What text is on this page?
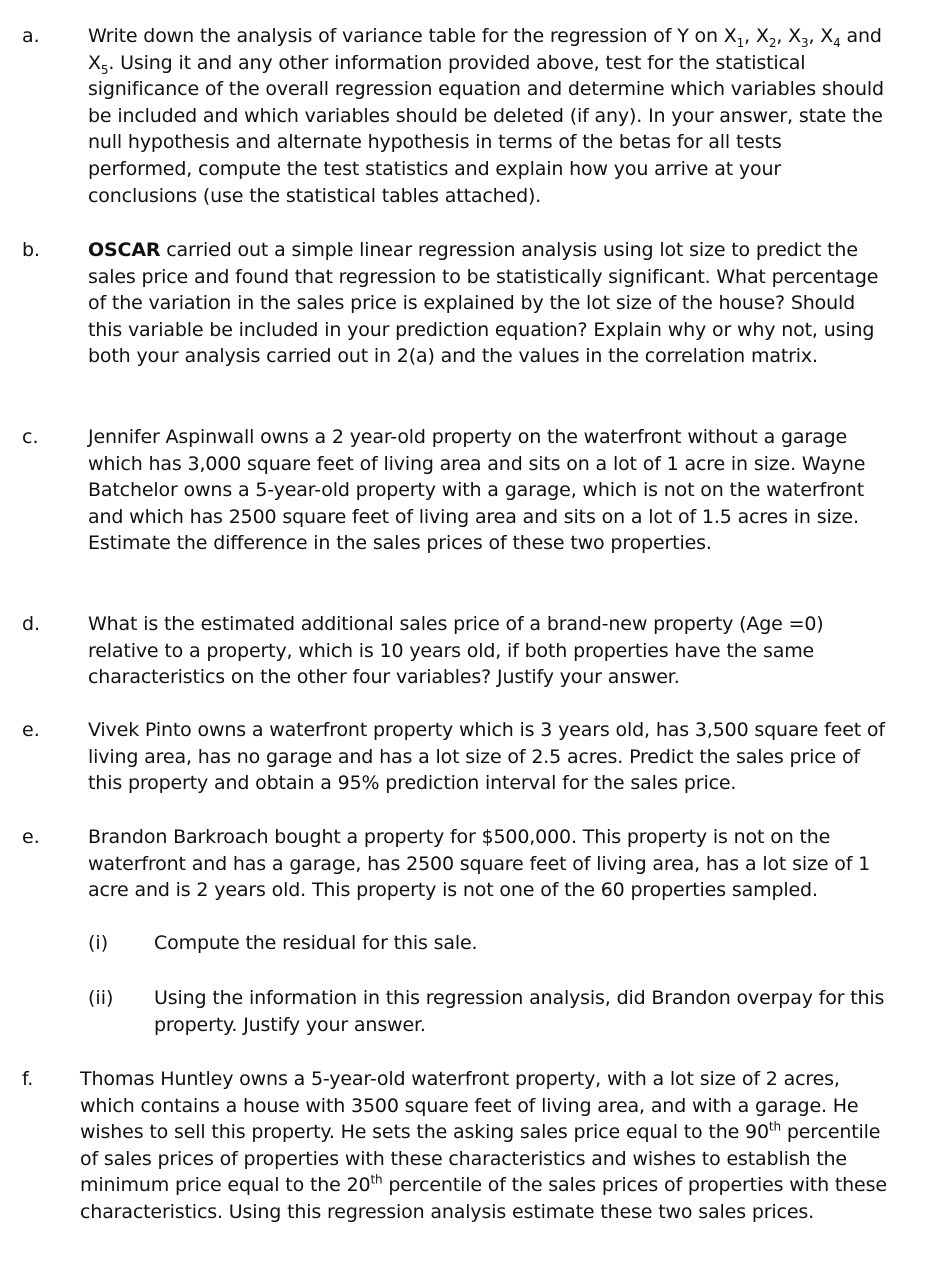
a.	Write down the analysis of variance table for the regression of Y on $X_1$, $X_2$, $X_3$, $X_4$ and $X_5$. Using it and any other information provided above, test for the statistical significance of the overall regression equation and determine which variables should be included and which variables should be deleted (if any). In your answer, state the null hypothesis and alternate hypothesis in terms of the betas for all tests performed, compute the test statistics and explain how you arrive at your conclusions (use the statistical tables attached).
b.	OSCAR carried out a simple linear regression analysis using lot size to predict the sales price and found that regression to be statistically significant. What percentage of the variation in the sales price is explained by the lot size of the house? Should this variable be included in your prediction equation? Explain why or why not, using both your analysis carried out in 2(a) and the values in the correlation matrix.
c.	Jennifer Aspinwall owns a 2 year-old property on the waterfront without a garage which has 3,000 square feet of living area and sits on a lot of 1 acre in size. Wayne Batchelor owns a 5-year-old property with a garage, which is not on the waterfront and which has 2500 square feet of living area and sits on a lot of 1.5 acres in size. Estimate the difference in the sales prices of these two properties.
d.	What is the estimated additional sales price of a brand-new property (Age =0) relative to a property, which is 10 years old, if both properties have the same characteristics on the other four variables? Justify your answer.
e.	Vivek Pinto owns a waterfront property which is 3 years old, has 3,500 square feet of living area, has no garage and has a lot size of 2.5 acres. Predict the sales price of this property and obtain a 95% prediction interval for the sales price.
e.	Brandon Barkroach bought a property for $500,000. This property is not on the waterfront and has a garage, has 2500 square feet of living area, has a lot size of 1 acre and is 2 years old. This property is not one of the 60 properties sampled.
(i) Compute the residual for this sale.
(ii) Using the information in this regression analysis, did Brandon overpay for this property. Justify your answer.
f. Thomas Huntley owns a 5-year-old waterfront property, with a lot size of 2 acres, which contains a house with 3500 square feet of living area, and with a garage. He wishes to sell this property. He sets the asking sales price equal to the 90th percentile of sales prices of properties with these characteristics and wishes to establish the minimum price equal to the 20th percentile of the sales prices of properties with these characteristics. Using this regression analysis estimate these two sales prices.
